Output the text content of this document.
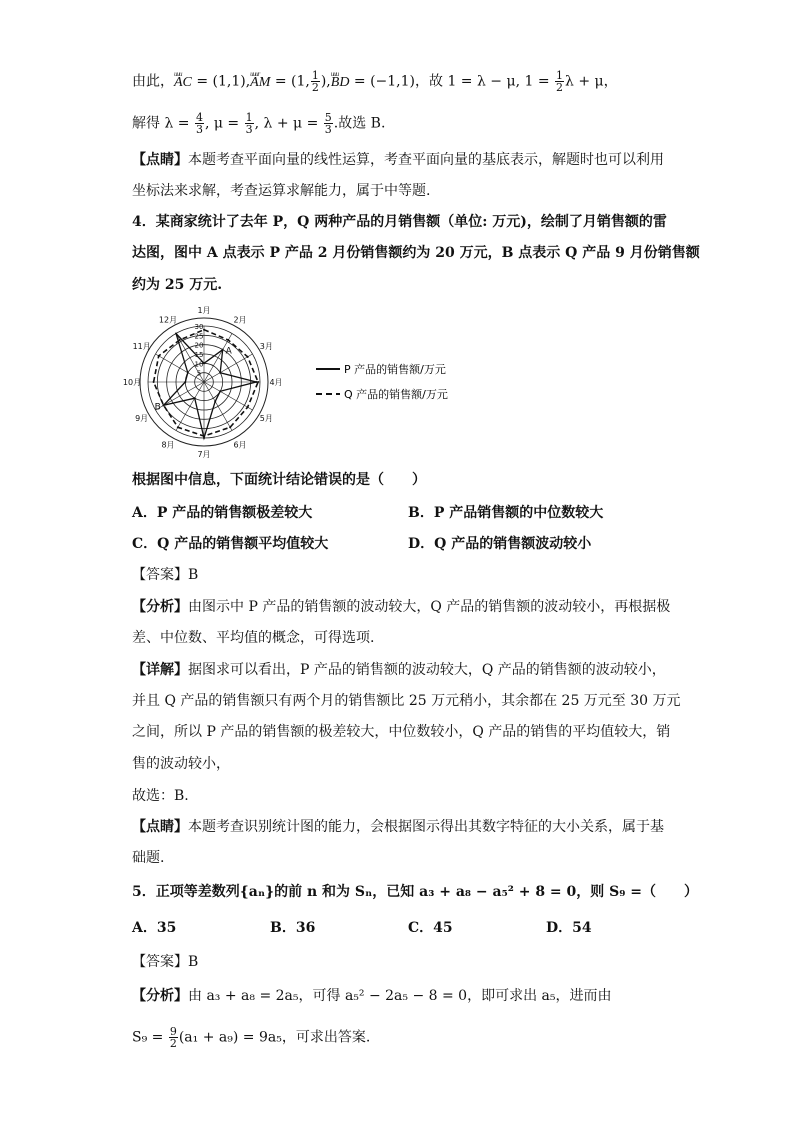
由此，uuu AC = (1,1),uuur AM = (1, $\frac{1}{2} ),uuu$ BD = (−1,1)，故 1 = λ − μ, $1 = \frac{1}{2}$ λ + μ，
解得 $\lambda = \frac{4}{3}$ , $\mu = \frac{1}{3}$ , $\lambda + \mu = \frac{5}{3}$ .故选 B.
【点睛】本题考查平面向量的线性运算，考查平面向量的基底表示，解题时也可以利用
坐标法来求解，考查运算求解能力，属于中等题.
4．某商家统计了去年 P，Q 两种产品的月销售额（单位: 万元)，绘制了月销售额的雷
达图，图中 A 点表示 P 产品 2 月份销售额约为 20 万元，B 点表示 Q 产品 9 月份销售额
约为 25 万元.
5
10
15
20
25
30
1月
2月
3月
4月
5月
6月
7月
8月
9月
10月
11月
12月
A
B
P 产品的销售额/万元
Q 产品的销售额/万元
根据图中信息，下面统计结论错误的是（　　）
A．P 产品的销售额极差较大	B．P 产品销售额的中位数较大
C．Q 产品的销售额平均值较大	D．Q 产品的销售额波动较小
【答案】B
【分析】由图示中 P 产品的销售额的波动较大，Q 产品的销售额的波动较小，再根据极
差、中位数、平均值的概念，可得选项.
【详解】据图求可以看出，P 产品的销售额的波动较大，Q 产品的销售额的波动较小，
并且 Q 产品的销售额只有两个月的销售额比 25 万元稍小，其余都在 25 万元至 30 万元
之间，所以 P 产品的销售额的极差较大，中位数较小，Q 产品的销售的平均值较大，销
售的波动较小，
故选：B.
【点睛】本题考查识别统计图的能力，会根据图示得出其数字特征的大小关系，属于基
础题.
5．正项等差数列{aₙ}的前 n 和为 Sₙ，已知 a₃ + a₈ − a₅² + 8 = 0，则 S₉ =（　　）
A．35	B．36	C．45	D．54
【答案】B
【分析】由 a₃ + a₈ = 2a₅，可得 a₅² − 2a₅ − 8 = 0，即可求出 a₅，进而由
$S_9 = \frac{9}{2} (a_1 + a_9) = 9a_5$，可求出答案.
